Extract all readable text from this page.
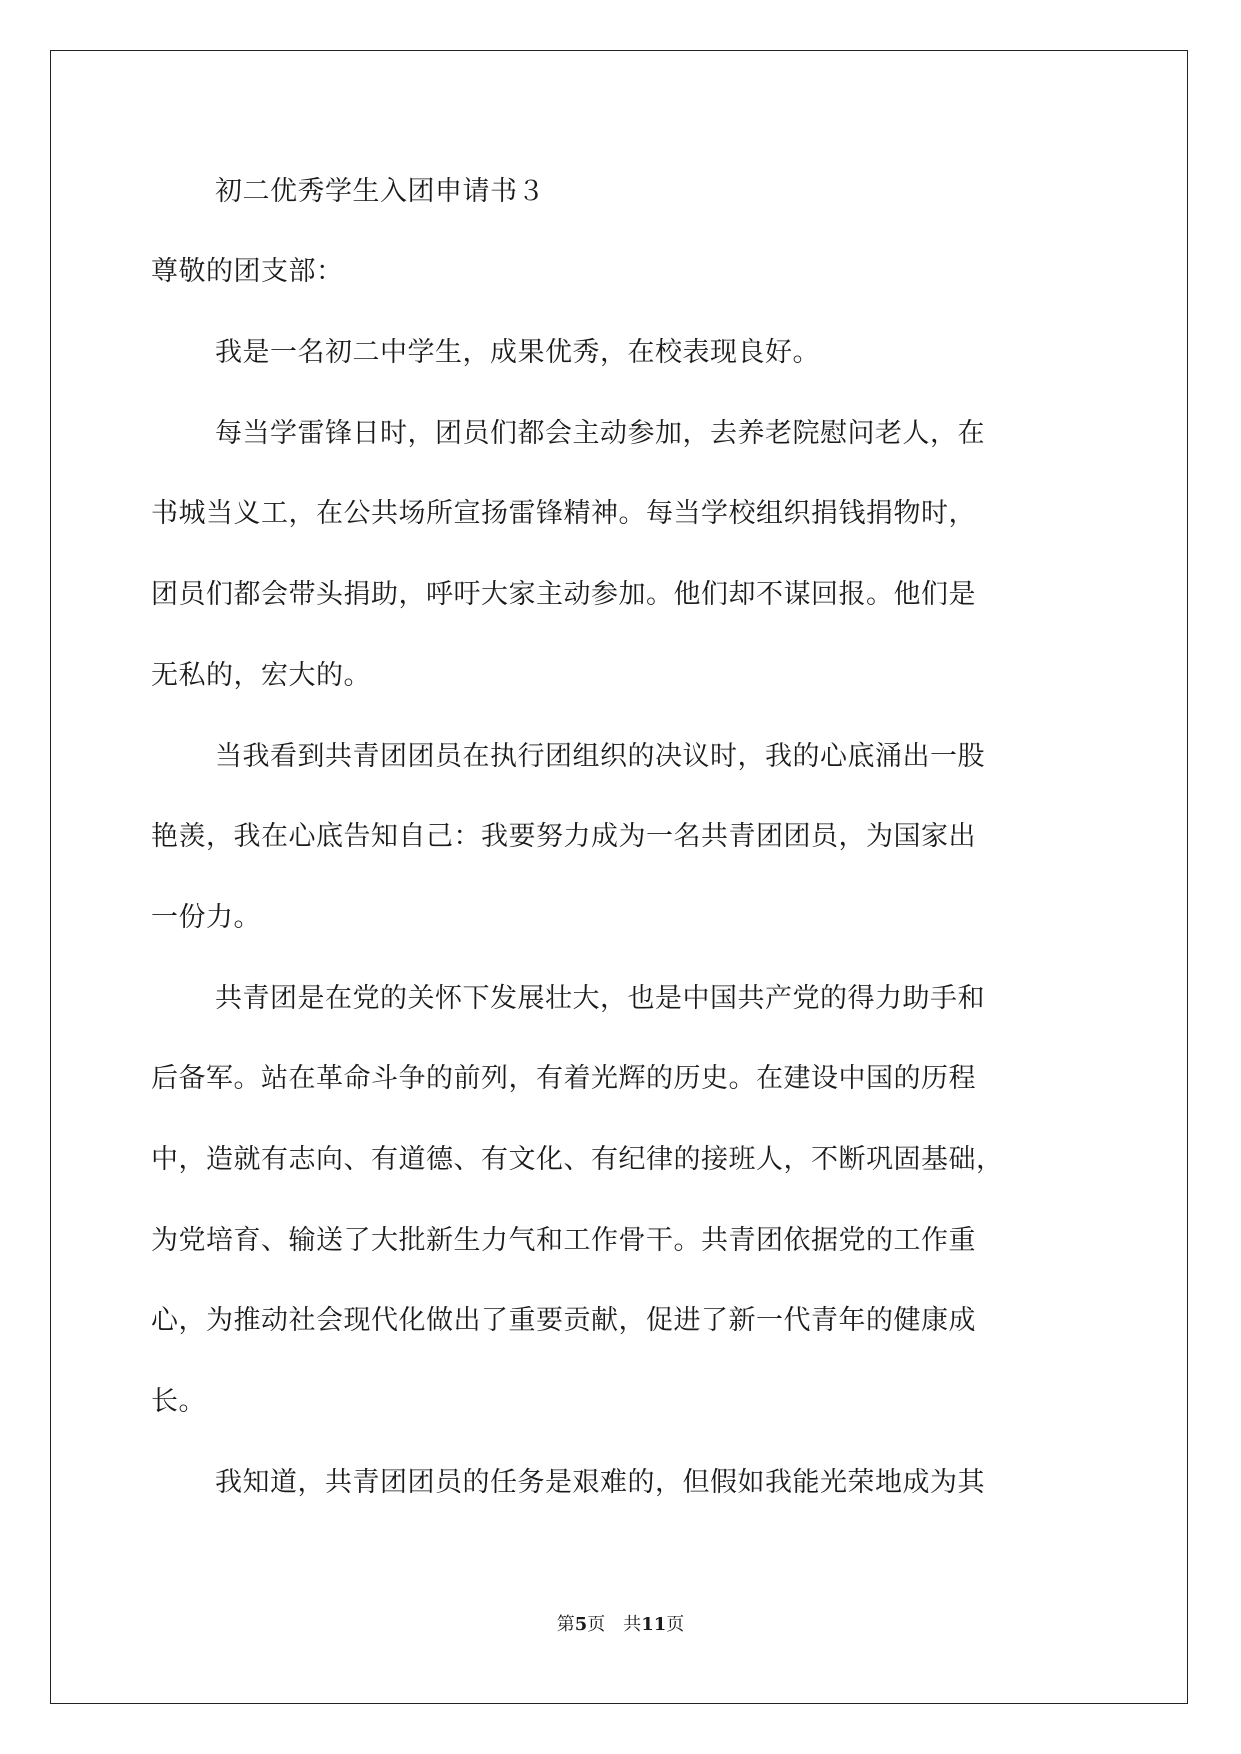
初二优秀学生入团申请书３
尊敬的团支部：
我是一名初二中学生，成果优秀，在校表现良好。
每当学雷锋日时，团员们都会主动参加，去养老院慰问老人，在
书城当义工，在公共场所宣扬雷锋精神。每当学校组织捐钱捐物时，
团员们都会带头捐助，呼吁大家主动参加。他们却不谋回报。他们是
无私的，宏大的。
当我看到共青团团员在执行团组织的决议时，我的心底涌出一股
艳羡，我在心底告知自己：我要努力成为一名共青团团员，为国家出
一份力。
共青团是在党的关怀下发展壮大，也是中国共产党的得力助手和
后备军。站在革命斗争的前列，有着光辉的历史。在建设中国的历程
中，造就有志向、有道德、有文化、有纪律的接班人，不断巩固基础，
为党培育、输送了大批新生力气和工作骨干。共青团依据党的工作重
心，为推动社会现代化做出了重要贡献，促进了新一代青年的健康成
长。
我知道，共青团团员的任务是艰难的，但假如我能光荣地成为其
第5页　共11页
